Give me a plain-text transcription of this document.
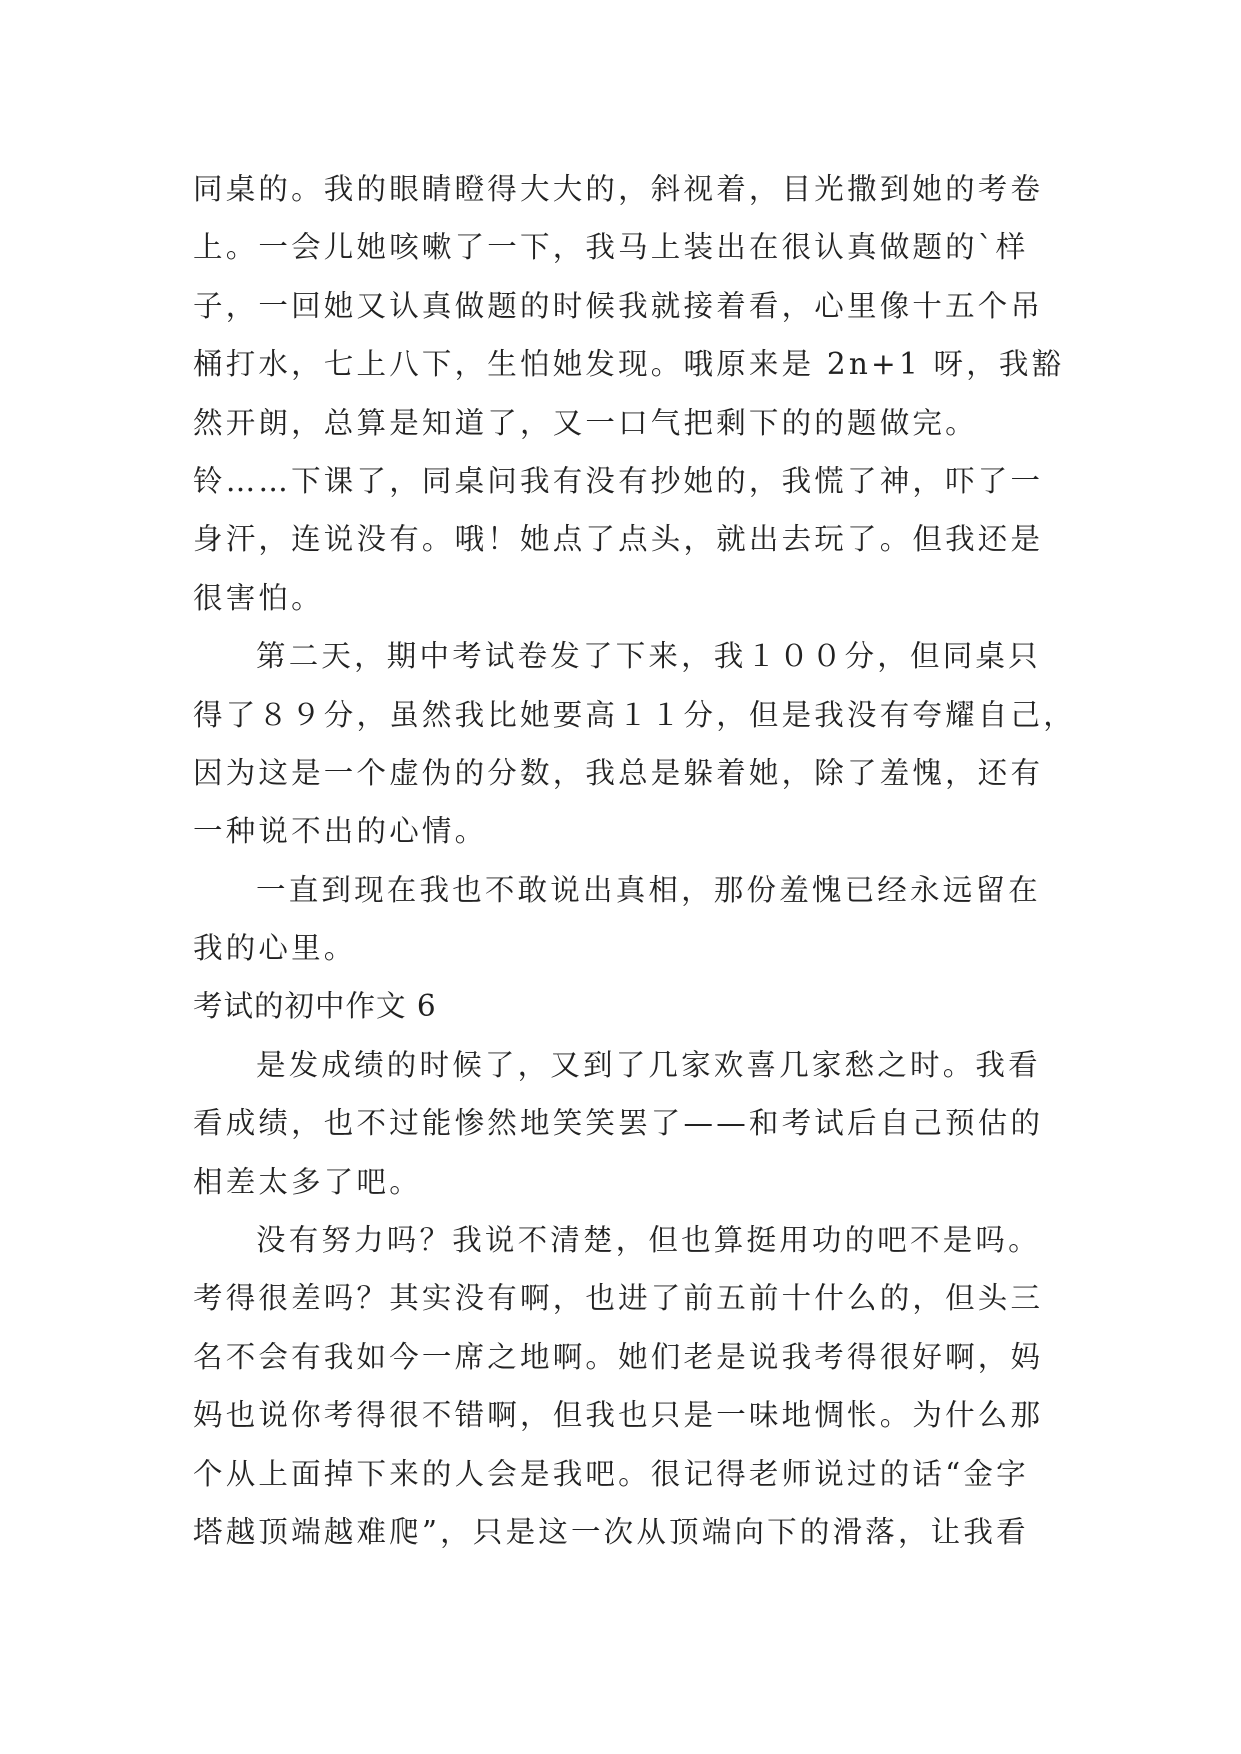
同桌的。我的眼睛瞪得大大的，斜视着，目光撒到她的考卷
上。一会儿她咳嗽了一下，我马上装出在很认真做题的`样
子，一回她又认真做题的时候我就接着看，心里像十五个吊
桶打水，七上八下，生怕她发现。哦原来是 2n+1 呀，我豁
然开朗，总算是知道了，又一口气把剩下的的题做完。
铃……下课了，同桌问我有没有抄她的，我慌了神，吓了一
身汗，连说没有。哦！她点了点头，就出去玩了。但我还是
很害怕。
第二天，期中考试卷发了下来，我１００分，但同桌只
得了８９分，虽然我比她要高１１分，但是我没有夸耀自己，
因为这是一个虚伪的分数，我总是躲着她，除了羞愧，还有
一种说不出的心情。
一直到现在我也不敢说出真相，那份羞愧已经永远留在
我的心里。
考试的初中作文 6
是发成绩的时候了，又到了几家欢喜几家愁之时。我看
看成绩，也不过能惨然地笑笑罢了——和考试后自己预估的
相差太多了吧。
没有努力吗？我说不清楚，但也算挺用功的吧不是吗。
考得很差吗？其实没有啊，也进了前五前十什么的，但头三
名不会有我如今一席之地啊。她们老是说我考得很好啊，妈
妈也说你考得很不错啊，但我也只是一味地惆怅。为什么那
个从上面掉下来的人会是我吧。很记得老师说过的话“金字
塔越顶端越难爬”，只是这一次从顶端向下的滑落，让我看
